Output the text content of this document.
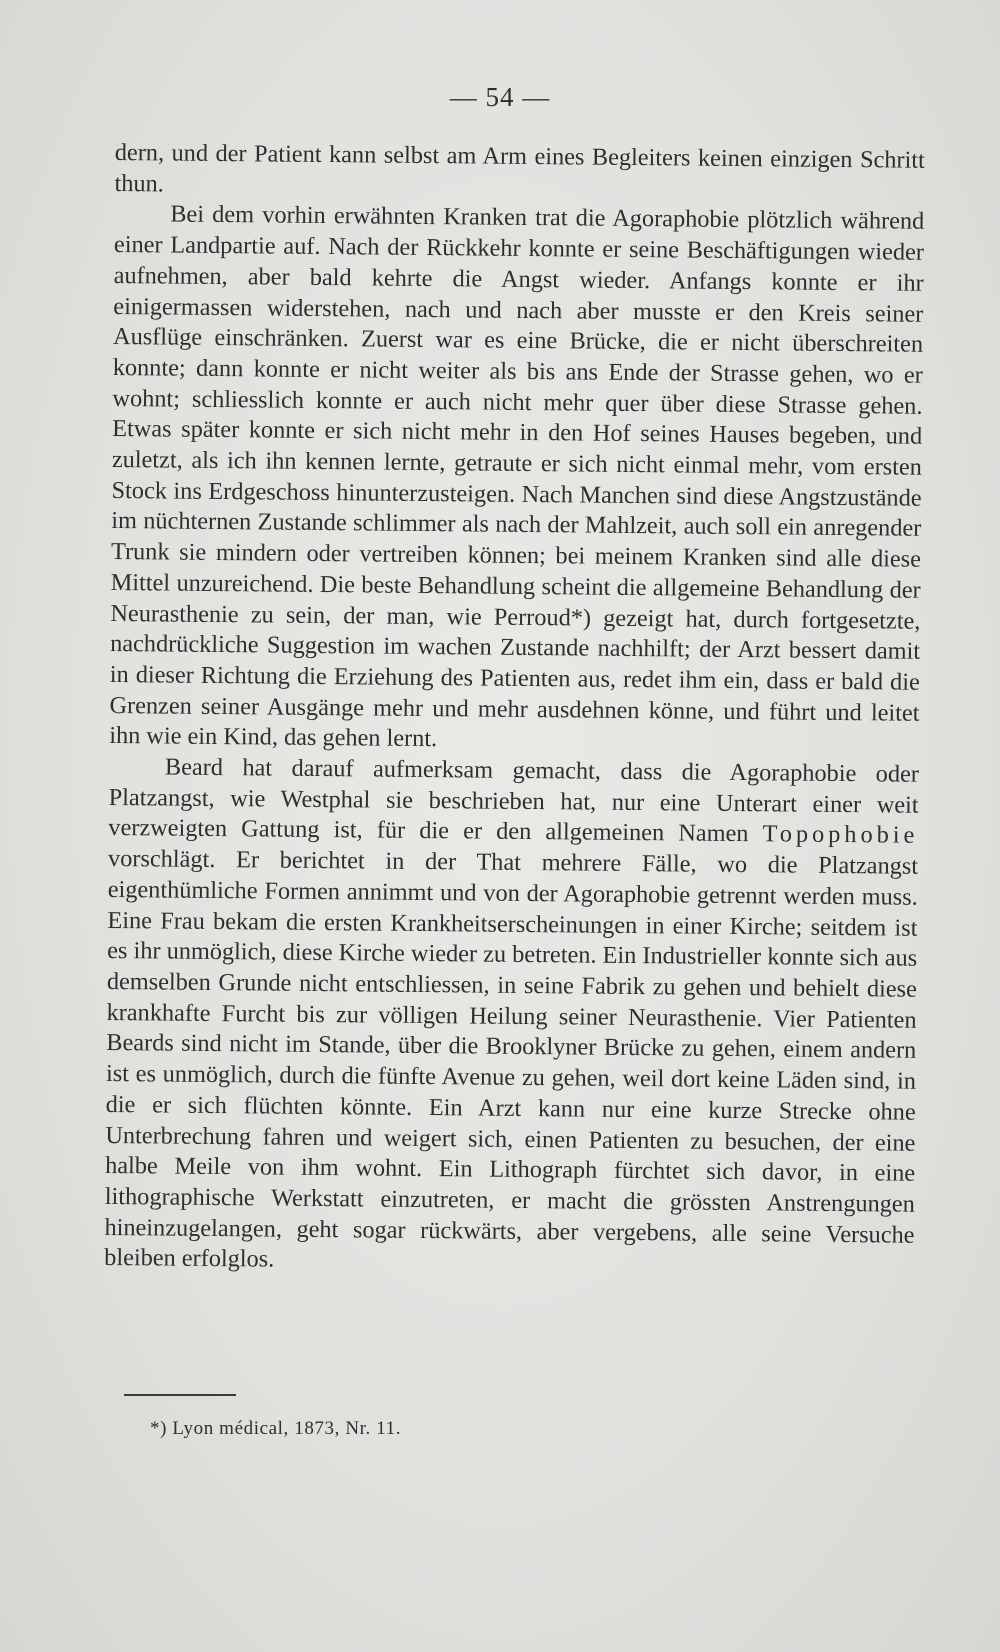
— 54 —

dern, und der Patient kann selbst am Arm eines Begleiters keinen einzigen Schritt thun.

Bei dem vorhin erwähnten Kranken trat die Agoraphobie plötzlich während einer Landpartie auf. Nach der Rückkehr konnte er seine Beschäftigungen wieder aufnehmen, aber bald kehrte die Angst wieder. Anfangs konnte er ihr einigermassen widerstehen, nach und nach aber musste er den Kreis seiner Ausflüge einschränken. Zuerst war es eine Brücke, die er nicht überschreiten konnte; dann konnte er nicht weiter als bis ans Ende der Strasse gehen, wo er wohnt; schliesslich konnte er auch nicht mehr quer über diese Strasse gehen. Etwas später konnte er sich nicht mehr in den Hof seines Hauses begeben, und zuletzt, als ich ihn kennen lernte, getraute er sich nicht einmal mehr, vom ersten Stock ins Erdgeschoss hinunterzusteigen. Nach Manchen sind diese Angstzustände im nüchternen Zustande schlimmer als nach der Mahlzeit, auch soll ein anregender Trunk sie mindern oder vertreiben können; bei meinem Kranken sind alle diese Mittel unzureichend. Die beste Behandlung scheint die allgemeine Behandlung der Neurasthenie zu sein, der man, wie Perroud*) gezeigt hat, durch fortgesetzte, nachdrückliche Suggestion im wachen Zustande nachhilft; der Arzt bessert damit in dieser Richtung die Erziehung des Patienten aus, redet ihm ein, dass er bald die Grenzen seiner Ausgänge mehr und mehr ausdehnen könne, und führt und leitet ihn wie ein Kind, das gehen lernt.

Beard hat darauf aufmerksam gemacht, dass die Agoraphobie oder Platzangst, wie Westphal sie beschrieben hat, nur eine Unterart einer weit verzweigten Gattung ist, für die er den allgemeinen Namen Topophobie vorschlägt. Er berichtet in der That mehrere Fälle, wo die Platzangst eigenthümliche Formen annimmt und von der Agoraphobie getrennt werden muss. Eine Frau bekam die ersten Krankheitserscheinungen in einer Kirche; seitdem ist es ihr unmöglich, diese Kirche wieder zu betreten. Ein Industrieller konnte sich aus demselben Grunde nicht entschliessen, in seine Fabrik zu gehen und behielt diese krankhafte Furcht bis zur völligen Heilung seiner Neurasthenie. Vier Patienten Beards sind nicht im Stande, über die Brooklyner Brücke zu gehen, einem andern ist es unmöglich, durch die fünfte Avenue zu gehen, weil dort keine Läden sind, in die er sich flüchten könnte. Ein Arzt kann nur eine kurze Strecke ohne Unterbrechung fahren und weigert sich, einen Patienten zu besuchen, der eine halbe Meile von ihm wohnt. Ein Lithograph fürchtet sich davor, in eine lithographische Werkstatt einzutreten, er macht die grössten Anstrengungen hineinzugelangen, geht sogar rückwärts, aber vergebens, alle seine Versuche bleiben erfolglos.

*) Lyon médical, 1873, Nr. 11.
